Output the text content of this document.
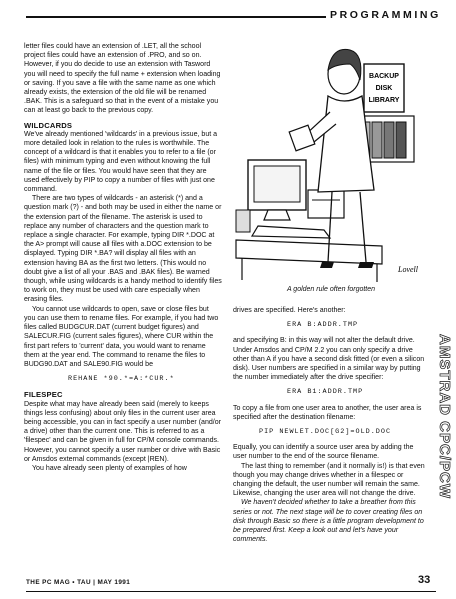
PROGRAMMING

letter files could have an extension of .LET, all the school project files could have an extension of .PRO, and so on. However, if you do decide to use an extension with Tasword you will need to specify the full name + extension when loading or saving. If you save a file with the same name as one which already exists, the extension of the old file will be renamed .BAK. This is a safeguard so that in the event of a mistake you can at least go back to the previous copy.

WILDCARDS

We've already mentioned 'wildcards' in a previous issue, but a more detailed look in relation to the rules is worthwhile. The concept of a wildcard is that it enables you to refer to a file (or files) with minimum typing and even without knowing the full name of the file or files. You would have seen that they are used effectively by PIP to copy a number of files with just one command.

There are two types of wildcards - an asterisk (*) and a question mark (?) - and both may be used in either the name or the extension part of the filename. The asterisk is used to replace any number of characters and the question mark to replace a single character. For example, typing DIR *.DOC at the A> prompt will cause all files with a.DOC extension to be displayed. Typing DIR *.BA? will display all files with an extension having BA as the first two letters. (This would no doubt give a list of all your .BAS and .BAK files). Be warned though, while using wildcards is a handy method to identify files to work on, they must be used with care especially when erasing files.

You cannot use wildcards to open, save or close files but you can use them to rename files. For example, if you had two files called BUDGCUR.DAT (current budget figures) and SALECUR.FIG (current sales figures), where CUR within the first part refers to 'current' data, you would want to rename them at the year end. The command to rename the files to BUDG90.DAT and SALE90.FIG would be

REHANE *90.*=A:*CUR.*
FILESPEC

Despite what may have already been said (merely to keeps things less confusing) about only files in the current user area being accessible, you can in fact specify a user number (and/or a drive) other than the current one. This is referred to as a 'filespec' and can be given in full for CP/M console commands. However, you cannot specify a user number or drive with Basic or Amsdos external commands (except |REN).

You have already seen plenty of examples of how

BACKUP
DISK
LIBRARY
Lovell
A golden rule often forgotten

drives are specified. Here's another:

ERA B:ADDR.TMP

and specifying B: in this way will not alter the default drive. Under Amsdos and CP/M 2.2 you can only specify a drive other than A if you have a second disk fitted (or even a silicon disk). User numbers are specified in a similar way by putting the number immediately after the drive specifier:

ERA B1:ADDR.TMP

To copy a file from one user area to another, the user area is specified after the destination filename:

PIP NEWLET.DOC[G2]=OLD.DOC

Equally, you can identify a source user area by adding the user number to the end of the source filename.

The last thing to remember (and it normally is!) is that even though you may change drives whether in a filespec or changing the default, the user number will remain the same. Likewise, changing the user area will not change the drive.

We haven't decided whether to take a breather from this series or not. The next stage will be to cover creating files on disk through Basic so there is a little program development to be prepared first. Keep a look out and let's have your comments.

AMSTRAD CPC/PCW
THE PC MAG • TAU | MAY 1991	33
